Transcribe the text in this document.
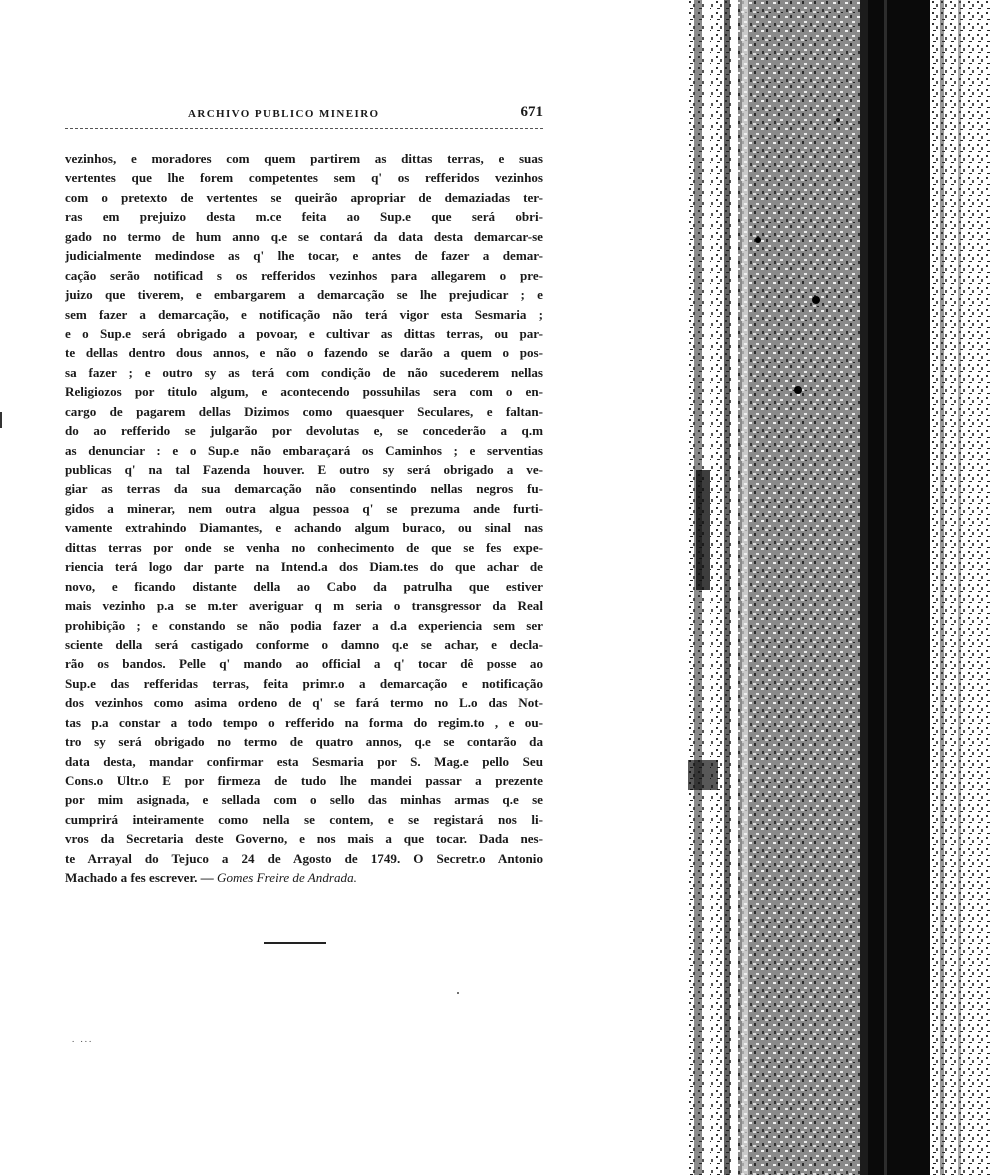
ARCHIVO PUBLICO MINEIRO	671
vezinhos, e moradores com quem partirem as dittas terras, e suas
vertentes que lhe forem competentes sem q' os refferidos vezinhos
com o pretexto de vertentes se queirão apropriar de demaziadas ter-
ras em prejuizo desta m.ce feita ao Sup.e que será obri-
gado no termo de hum anno q.e se contará da data desta demarcar-se
judicialmente medindose as q' lhe tocar, e antes de fazer a demar-
cação serão notificad s os refferidos vezinhos para allegarem o pre-
juizo que tiverem, e embargarem a demarcação se lhe prejudicar ; e
sem fazer a demarcação, e notificação não terá vigor esta Sesmaria ;
e o Sup.e será obrigado a povoar, e cultivar as dittas terras, ou par-
te dellas dentro dous annos, e não o fazendo se darão a quem o pos-
sa fazer ; e outro sy as terá com condição de não sucederem nellas
Religiozos por titulo algum, e acontecendo possuhilas sera com o en-
cargo de pagarem dellas Dizimos como quaesquer Seculares, e faltan-
do ao refferido se julgarão por devolutas e, se concederão a q.m
as denunciar : e o Sup.e não embaraçará os Caminhos ; e serventias
publicas q' na tal Fazenda houver. E outro sy será obrigado a ve-
giar as terras da sua demarcação não consentindo nellas negros fu-
gidos a minerar, nem outra algua pessoa q' se prezuma ande furti-
vamente extrahindo Diamantes, e achando algum buraco, ou sinal nas
dittas terras por onde se venha no conhecimento de que se fes expe-
riencia terá logo dar parte na Intend.a dos Diam.tes do que achar de
novo, e ficando distante della ao Cabo da patrulha que estiver
mais vezinho p.a se m.ter averiguar q m seria o transgressor da Real
prohibição ; e constando se não podia fazer a d.a experiencia sem ser
sciente della será castigado conforme o damno q.e se achar, e decla-
rão os bandos. Pelle q' mando ao official a q' tocar dê posse ao
Sup.e das refferidas terras, feita primr.o a demarcação e notificação
dos vezinhos como asima ordeno de q' se fará termo no L.o das Not-
tas p.a constar a todo tempo o refferido na forma do regim.to , e ou-
tro sy será obrigado no termo de quatro annos, q.e se contarão da
data desta, mandar confirmar esta Sesmaria por S. Mag.e pello Seu
Cons.o Ultr.o E por firmeza de tudo lhe mandei passar a prezente
por mim asignada, e sellada com o sello das minhas armas q.e se
cumprirá inteiramente como nella se contem, e se registará nos li-
vros da Secretaria deste Governo, e nos mais a que tocar. Dada nes-
te Arrayal do Tejuco a 24 de Agosto de 1749. O Secretr.o Antonio
Machado a fes escrever. — Gomes Freire de Andrada.
. ...
